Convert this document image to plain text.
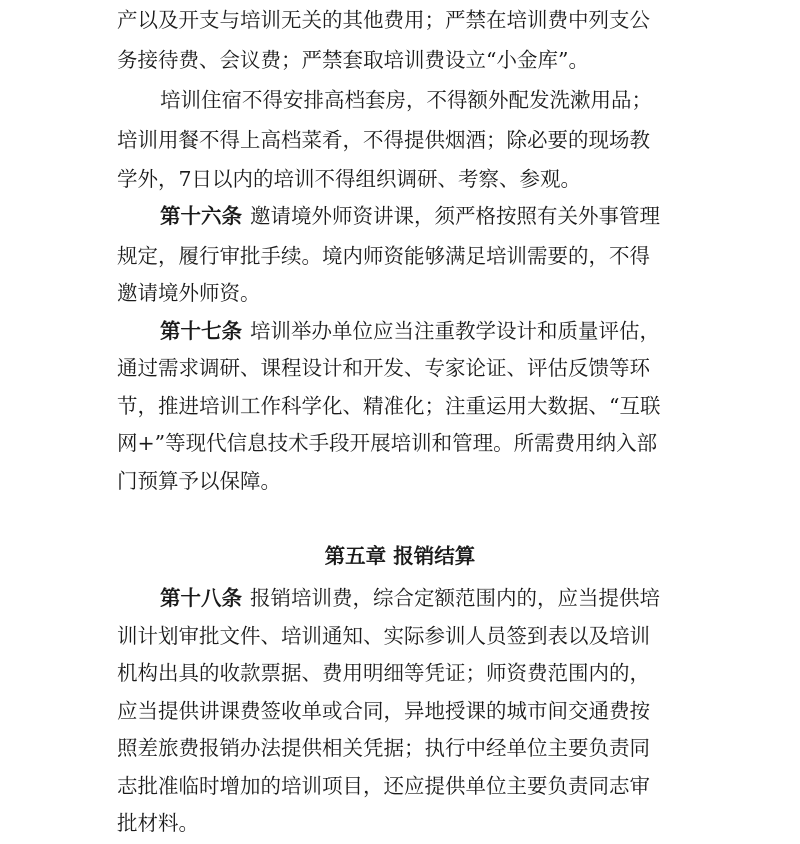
产以及开支与培训无关的其他费用；严禁在培训费中列支公
务接待费、会议费；严禁套取培训费设立“小金库”。
培训住宿不得安排高档套房，不得额外配发洗漱用品；
培训用餐不得上高档菜肴，不得提供烟酒；除必要的现场教
学外，7日以内的培训不得组织调研、考察、参观。
第十六条 邀请境外师资讲课，须严格按照有关外事管理
规定，履行审批手续。境内师资能够满足培训需要的，不得
邀请境外师资。
第十七条 培训举办单位应当注重教学设计和质量评估，
通过需求调研、课程设计和开发、专家论证、评估反馈等环
节，推进培训工作科学化、精准化；注重运用大数据、“互联
网+”等现代信息技术手段开展培训和管理。所需费用纳入部
门预算予以保障。
第五章 报销结算
第十八条 报销培训费，综合定额范围内的，应当提供培
训计划审批文件、培训通知、实际参训人员签到表以及培训
机构出具的收款票据、费用明细等凭证；师资费范围内的，
应当提供讲课费签收单或合同，异地授课的城市间交通费按
照差旅费报销办法提供相关凭据；执行中经单位主要负责同
志批准临时增加的培训项目，还应提供单位主要负责同志审
批材料。
